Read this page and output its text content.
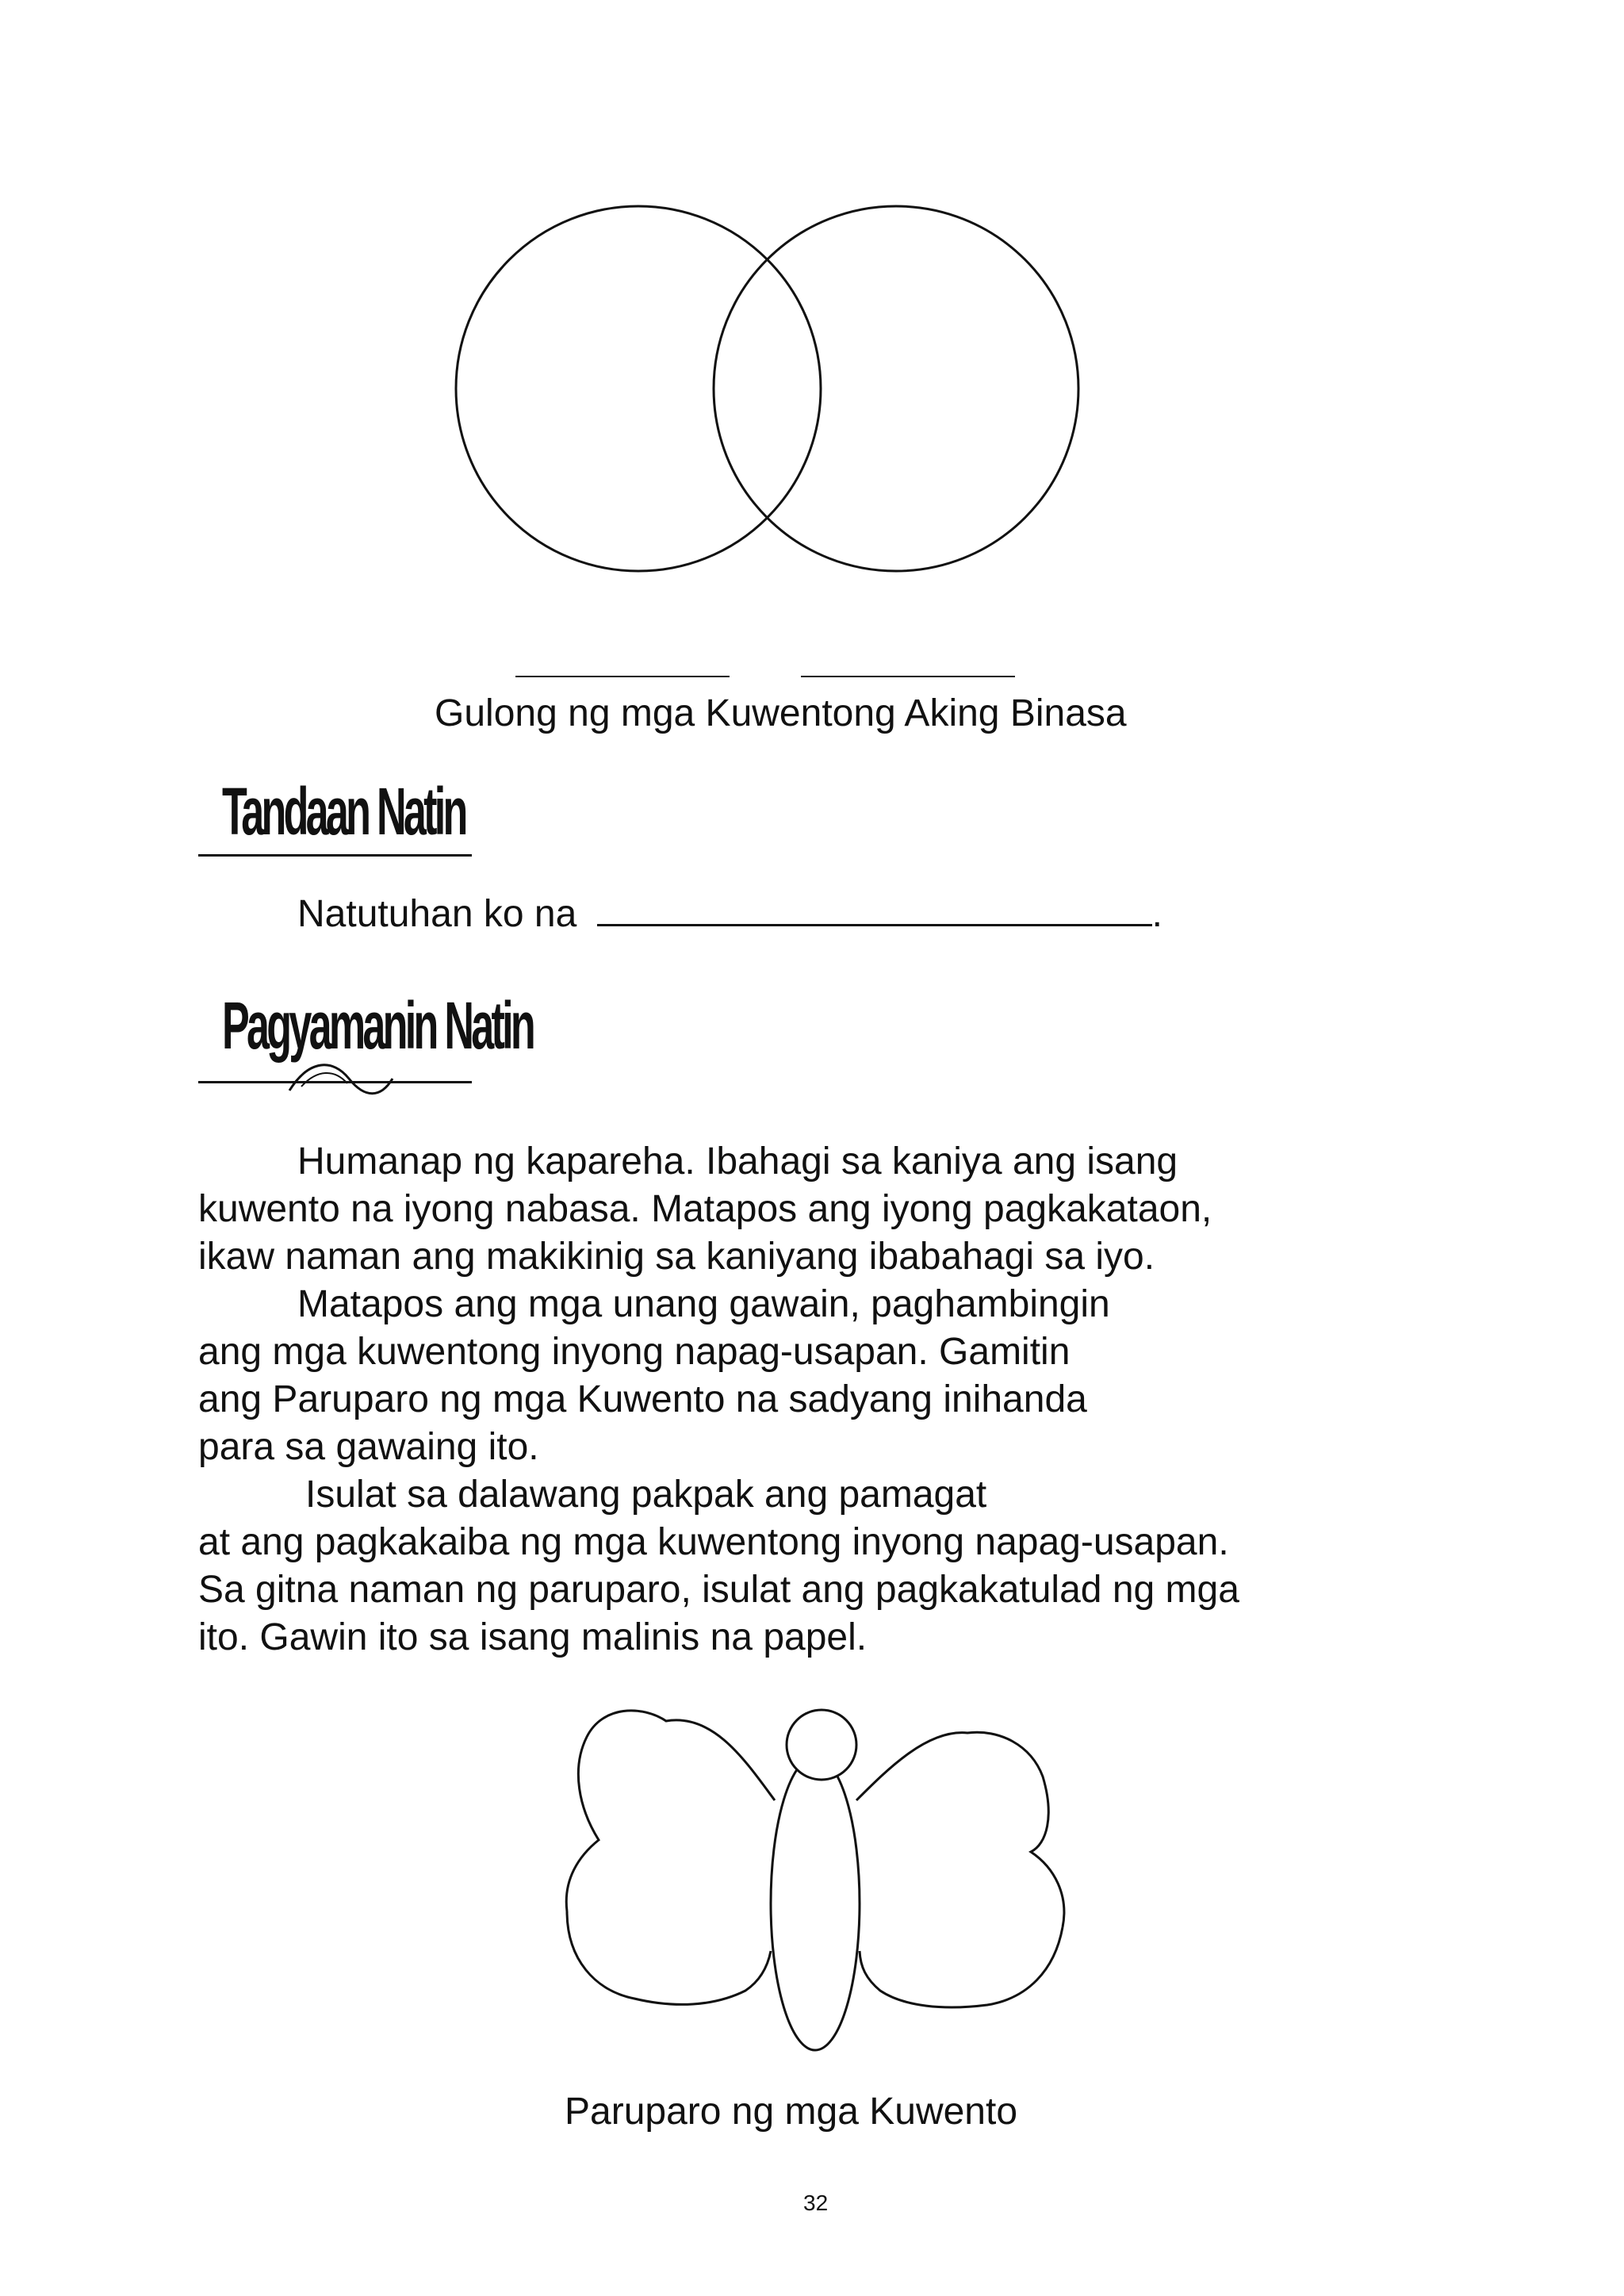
Gulong ng mga Kuwentong Aking Binasa
Tandaan Natin
Natutuhan ko na	.
Pagyamanin Natin

Humanap ng kapareha. Ibahagi sa kaniya ang isang

kuwento na iyong nabasa. Matapos ang iyong pagkakataon,

ikaw naman ang makikinig sa kaniyang ibabahagi sa iyo.

Matapos ang mga unang gawain, paghambingin

ang mga kuwentong inyong napag-usapan. Gamitin

ang Paruparo ng mga Kuwento na sadyang inihanda

para sa gawaing ito.

Isulat sa dalawang pakpak ang pamagat

at ang pagkakaiba ng mga kuwentong inyong napag-usapan.

Sa gitna naman ng paruparo, isulat ang pagkakatulad ng mga

ito. Gawin ito sa isang malinis na papel.

Paruparo ng mga Kuwento
32
